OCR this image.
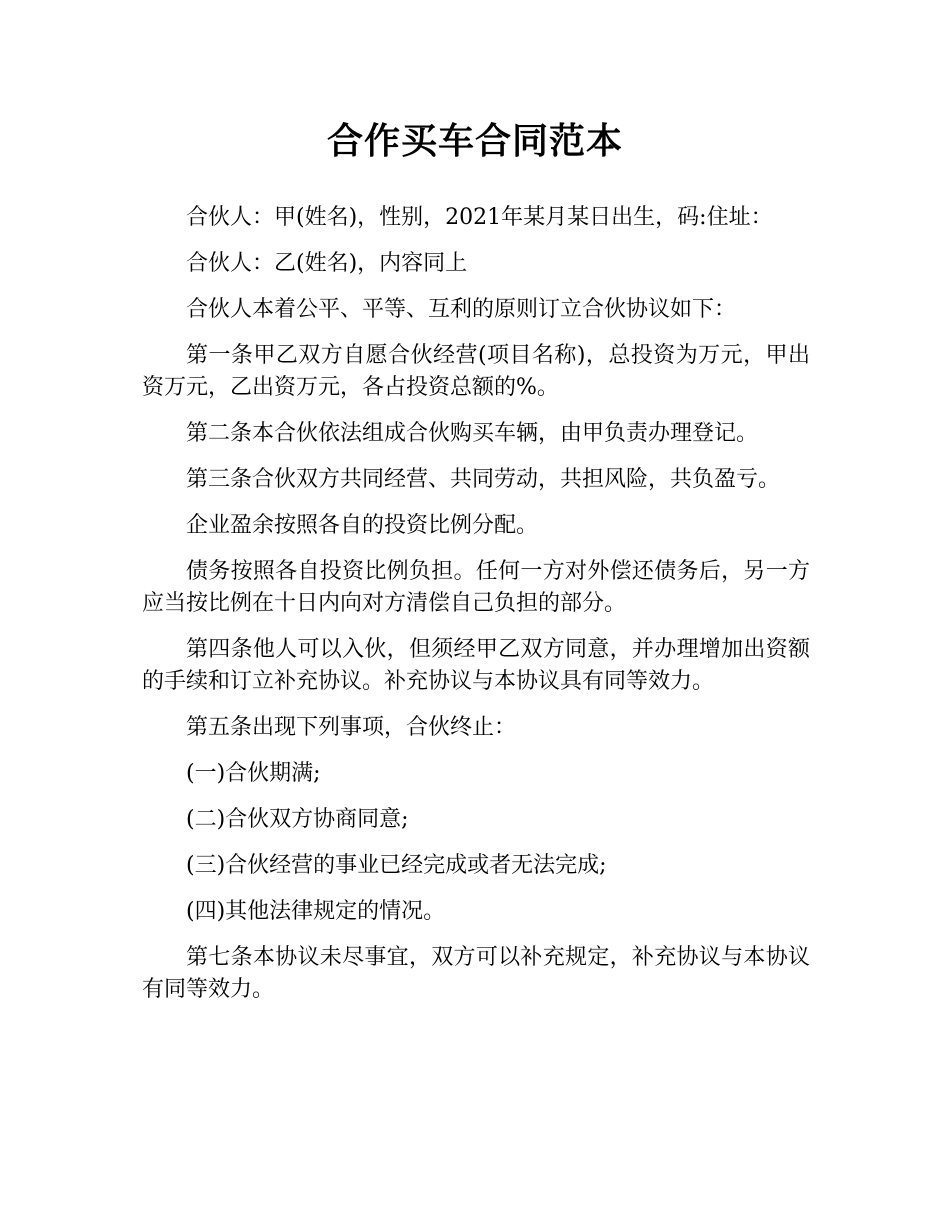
合作买车合同范本

合伙人：甲(姓名)，性别，2021年某月某日出生，码:住址：

合伙人：乙(姓名)，内容同上

合伙人本着公平、平等、互利的原则订立合伙协议如下：

第一条甲乙双方自愿合伙经营(项目名称)，总投资为万元，甲出资万元，乙出资万元，各占投资总额的%。

第二条本合伙依法组成合伙购买车辆，由甲负责办理登记。

第三条合伙双方共同经营、共同劳动，共担风险，共负盈亏。

企业盈余按照各自的投资比例分配。

债务按照各自投资比例负担。任何一方对外偿还债务后，另一方应当按比例在十日内向对方清偿自己负担的部分。

第四条他人可以入伙，但须经甲乙双方同意，并办理增加出资额的手续和订立补充协议。补充协议与本协议具有同等效力。

第五条出现下列事项，合伙终止：

(一)合伙期满;

(二)合伙双方协商同意;

(三)合伙经营的事业已经完成或者无法完成;

(四)其他法律规定的情况。

第七条本协议未尽事宜，双方可以补充规定，补充协议与本协议有同等效力。
